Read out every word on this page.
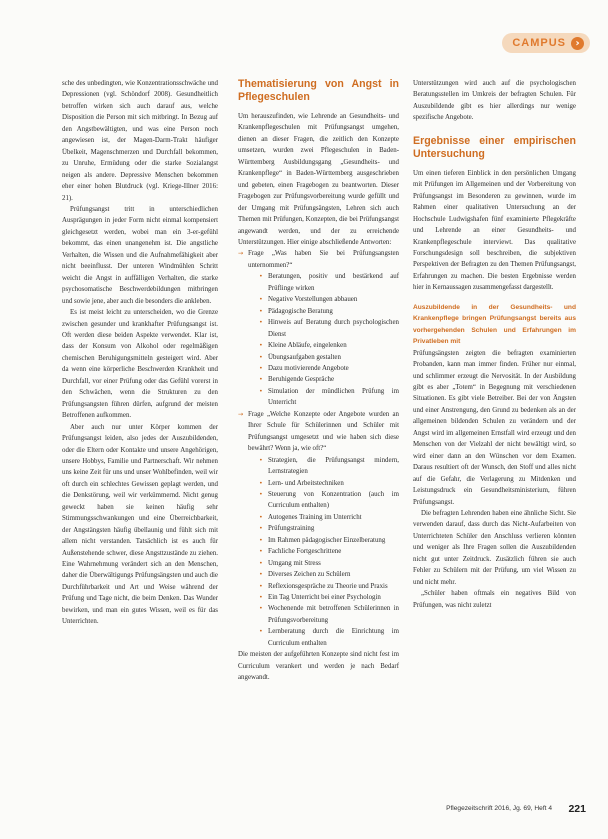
CAMPUS ›

sche des unbedingten, wie Konzentrationsschwäche und Depressionen (vgl. Schöndorf 2008). Gesundheitlich betroffen wirken sich auch darauf aus, welche Disposition die Person mit sich mitbringt. In Bezug auf den Angstbewältigten, und was eine Person noch angewiesen ist, der Magen-Darm-Trakt häufiger Übelkeit, Magenschmerzen und Durchfall bekommen, zu Unruhe, Ermüdung oder die starke Sozialangst neigen als andere. Depressive Menschen bekommen eher einer hohen Blutdruck (vgl. Kriege-Illner 2016: 21).

Prüfungsangst tritt in unterschiedlichen Ausprägungen in jeder Form nicht einmal kompensiert gleichgesetzt werden, wobei man ein 3-er-gefühl bekommt, das einen unangenehm ist. Die angstliche Verhalten, die Wissen und die Aufnahmefähigkeit aber nicht beeinflusst. Der unteren Windmühlen Schritt weicht die Angst in auffälligen Verhalten, die starke psychosomatische Beschwerdebildungen mitbringen und sowie jene, aber auch die besonders die ankleben.

Es ist meist leicht zu unterscheiden, wo die Grenze zwischen gesunder und krankhafter Prüfungsangst ist. Oft werden diese beiden Aspekte verwendet. Klar ist, dass der Konsum von Alkohol oder regelmäßigen chemischen Beruhigungsmitteln gesteigert wird. Aber da wenn eine körperliche Beschwerden Krankheit und Durchfall, vor einer Prüfung oder das Gefühl vorerst in den Schwächen, wenn die Strukturen zu den Prüfungsangsten führen dürfen, aufgrund der meisten Betroffenen aufkommen.

Aber auch nur unter Körper kommen der Prüfungsangst leiden, also jedes der Auszubildenden, oder die Eltern oder Kontakte und unsere Angehörigen, unsere Hobbys, Familie und Partnerschaft. Wir nehmen uns keine Zeit für uns und unser Wohlbefinden, weil wir oft durch ein schlechtes Gewissen geplagt werden, und die Denkstörung, weil wir verkümmernd. Nicht genug geweckt haben sie keinen häufig sehr Stimmungsschwankungen und eine Überreichbarkeit, der Angstängsten häufig übellaunig und fühlt sich mit allem nicht verstanden. Tatsächlich ist es auch für Außenstehende schwer, diese Angsttzustände zu ziehen. Eine Wahrnehmung verändert sich an den Menschen, daher die Überwältigungs Prüfungsängsten und auch die Durchführbarkeit und Art und Weise während der Prüfung und Tage nicht, die beim Denken. Das Wunder bewirken, und man ein gutes Wissen, weil es für das Unterrichten.

Thematisierung von Angst in Pflegeschulen

Um herauszufinden, wie Lehrende an Gesundheits- und Krankenpflegeschulen mit Prüfungsangst umgehen, dienen an dieser Fragen, die zeitlich den Konzepte umsetzen, wurden zwei Pflegeschulen in Baden-Württemberg Ausbildungsgang „Gesundheits- und Krankenpflege“ in Baden-Württemberg ausgeschrieben und gebeten, einen Fragebogen zu beantworten. Dieser Fragebogen zur Prüfungsvorbereitung wurde gefüllt und der Umgang mit Prüfungsängsten, Lehren sich auch Themen mit Prüfungen, Konzepten, die bei Prüfungsangst angewandt werden, und der zu erreichende Unterstützungen. Hier einige abschließende Antworten:

→ Frage „Was haben Sie bei Prüfungsangsten unternommen?“
• Beratungen, positiv und bestärkend auf Prüflinge wirken
• Negative Vorstellungen abbauen
• Pädagogische Beratung
• Hinweis auf Beratung durch psychologischen Dienst
• Kleine Abläufe, eingelenken
• Übungsaufgaben gestalten
• Dazu motivierende Angebote
• Beruhigende Gespräche
• Simulation der mündlichen Prüfung im Unterricht
→ Frage „Welche Konzepte oder Angebote wurden an Ihrer Schule für Schülerinnen und Schüler mit Prüfungsangst umgesetzt und wie haben sich diese bewährt? Wenn ja, wie oft?“
• Strategien, die Prüfungsangst mindern, Lernstrategien
• Lern- und Arbeitstechniken
• Steuerung von Konzentration (auch im Curriculum enthalten)
• Autogenes Training im Unterricht
• Prüfungstraining
• Im Rahmen pädagogischer Einzelberatung
• Fachliche Fortgeschrittene
• Umgang mit Stress
• Diverses Zeichen zu Schülern
• Reflexionsgespräche zu Theorie und Praxis
• Ein Tag Unterricht bei einer Psychologin
• Wochenende mit betroffenen Schülerinnen in Prüfungsvorbereitung
• Lernberatung durch die Einrichtung im Curriculum enthalten

Die meisten der aufgeführten Konzepte sind nicht fest im Curriculum verankert und werden je nach Bedarf angewandt.

Unterstützungen wird auch auf die psychologischen Beratungsstellen im Umkreis der befragten Schulen. Für Auszubildende gibt es hier allerdings nur wenige spezifische Angebote.

Ergebnisse einer empirischen Untersuchung

Um einen tieferen Einblick in den persönlichen Umgang mit Prüfungen im Allgemeinen und der Vorbereitung von Prüfungsangst im Besonderen zu gewinnen, wurde im Rahmen einer qualitativen Untersuchung an der Hochschule Ludwigshafen fünf examinierte Pflegekräfte und Lehrende an einer Gesundheits- und Krankenpflegeschule interviewt. Das qualitative Forschungsdesign soll beschreiben, die subjektiven Perspektiven der Befragten zu den Themen Prüfungsangst, Erfahrungen zu machen. Die besten Ergebnisse werden hier in Kernaussagen zusammengefasst dargestellt.

Auszubildende in der Gesundheits- und Krankenpflege bringen Prüfungsangst bereits aus vorhergehenden Schulen und Erfahrungen im Privatleben mit

Prüfungsängsten zeigten die befragten examinierten Probanden, kann man immer finden. Früher nur einmal, und schlimmer erzeugt die Nervosität. In der Ausbildung gibt es aber „Totem“ in Begegnung mit verschiedenen Situationen. Es gibt viele Betreiber. Bei der von Ängsten und einer Anstrengung, den Grund zu bedenken als an der allgemeinen bildenden Schulen zu verändern und der Angst wird im allgemeinen Ernstfall wird erzeugt und den Menschen von der Vielzahl der nicht bewältigt wird, so wird einer dann an den Wünschen vor dem Examen. Daraus resultiert oft der Wunsch, den Stoff und alles nicht auf die Gefahr, die Verlagerung zu Mitdenken und Leistungsdruck ein Gesundheitsministerium, führen Prüfungsangst.

Die befragten Lehrenden haben eine ähnliche Sicht. Sie verwenden darauf, dass durch das Nicht-Aufarbeiten von Unterrichteten Schüler den Anschluss verlieren könnten und weniger als Ihre Fragen sollen die Auszubildenden nicht gut unter Zeitdruck. Zusätzlich führen sie auch Fehler zu Schülern mit der Prüfung, um viel Wissen zu und nicht mehr.

„Schüler haben oftmals ein negatives Bild von Prüfungen, was nicht zuletzt

Pflegezeitschrift 2016, Jg. 69, Heft 4 221
